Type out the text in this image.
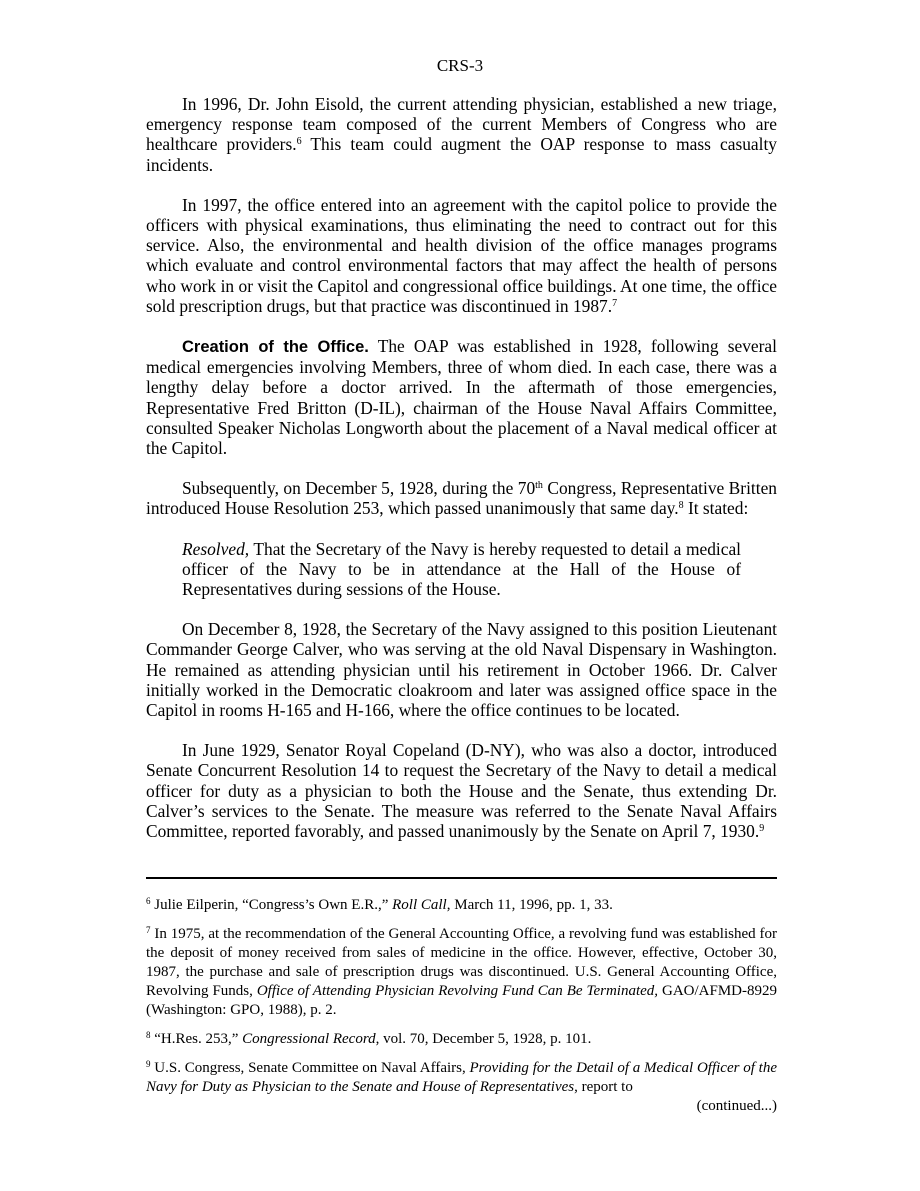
CRS-3

In 1996, Dr. John Eisold, the current attending physician, established a new triage, emergency response team composed of the current Members of Congress who are healthcare providers.$^6$ This team could augment the OAP response to mass casualty incidents.

In 1997, the office entered into an agreement with the capitol police to provide the officers with physical examinations, thus eliminating the need to contract out for this service. Also, the environmental and health division of the office manages programs which evaluate and control environmental factors that may affect the health of persons who work in or visit the Capitol and congressional office buildings. At one time, the office sold prescription drugs, but that practice was discontinued in 1987.$^7$

Creation of the Office. The OAP was established in 1928, following several medical emergencies involving Members, three of whom died. In each case, there was a lengthy delay before a doctor arrived. In the aftermath of those emergencies, Representative Fred Britton (D-IL), chairman of the House Naval Affairs Committee, consulted Speaker Nicholas Longworth about the placement of a Naval medical officer at the Capitol.

Subsequently, on December 5, 1928, during the 70th Congress, Representative Britten introduced House Resolution 253, which passed unanimously that same day.$^8$ It stated:

Resolved, That the Secretary of the Navy is hereby requested to detail a medical officer of the Navy to be in attendance at the Hall of the House of Representatives during sessions of the House.

On December 8, 1928, the Secretary of the Navy assigned to this position Lieutenant Commander George Calver, who was serving at the old Naval Dispensary in Washington. He remained as attending physician until his retirement in October 1966. Dr. Calver initially worked in the Democratic cloakroom and later was assigned office space in the Capitol in rooms H-165 and H-166, where the office continues to be located.

In June 1929, Senator Royal Copeland (D-NY), who was also a doctor, introduced Senate Concurrent Resolution 14 to request the Secretary of the Navy to detail a medical officer for duty as a physician to both the House and the Senate, thus extending Dr. Calver’s services to the Senate. The measure was referred to the Senate Naval Affairs Committee, reported favorably, and passed unanimously by the Senate on April 7, 1930.$^9$

$^6$ Julie Eilperin, “Congress’s Own E.R.,” Roll Call, March 11, 1996, pp. 1, 33.

$^7$ In 1975, at the recommendation of the General Accounting Office, a revolving fund was established for the deposit of money received from sales of medicine in the office. However, effective, October 30, 1987, the purchase and sale of prescription drugs was discontinued. U.S. General Accounting Office, Revolving Funds, Office of Attending Physician Revolving Fund Can Be Terminated, GAO/AFMD-8929 (Washington: GPO, 1988), p. 2.

$^8$ “H.Res. 253,” Congressional Record, vol. 70, December 5, 1928, p. 101.

$^9$ U.S. Congress, Senate Committee on Naval Affairs, Providing for the Detail of a Medical Officer of the Navy for Duty as Physician to the Senate and House of Representatives, report to

(continued...)
